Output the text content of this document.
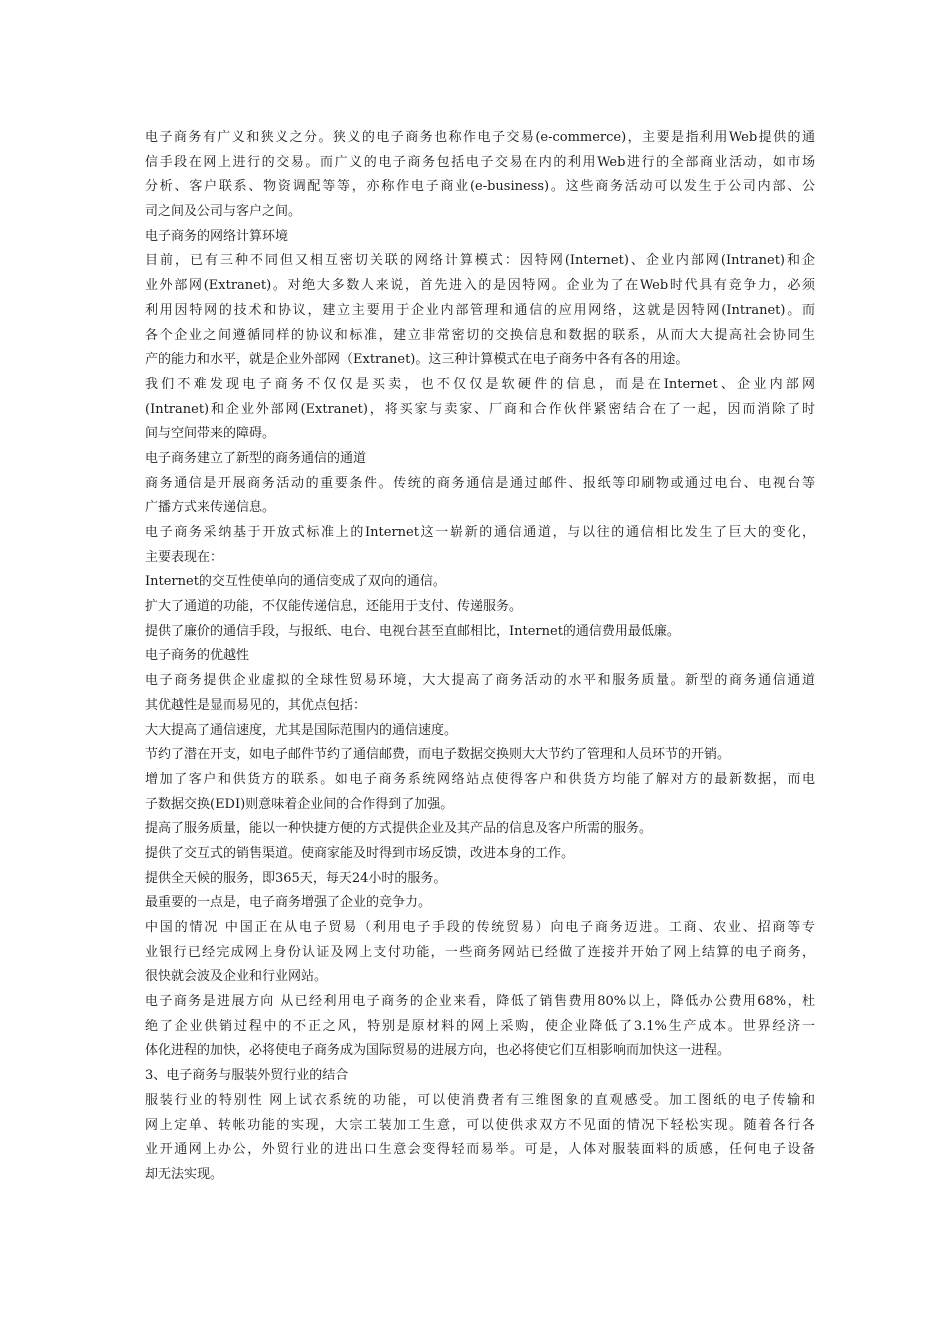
电子商务有广义和狭义之分。狭义的电子商务也称作电子交易(e-commerce)，主要是指利用Web提供的通
信手段在网上进行的交易。而广义的电子商务包括电子交易在内的利用Web进行的全部商业活动，如市场
分析、客户联系、物资调配等等，亦称作电子商业(e-business)。这些商务活动可以发生于公司内部、公
司之间及公司与客户之间。
电子商务的网络计算环境
目前，已有三种不同但又相互密切关联的网络计算模式：因特网(Internet)、企业内部网(Intranet)和企
业外部网(Extranet)。对绝大多数人来说，首先进入的是因特网。企业为了在Web时代具有竞争力，必须
利用因特网的技术和协议，建立主要用于企业内部管理和通信的应用网络，这就是因特网(Intranet)。而
各个企业之间遵循同样的协议和标准，建立非常密切的交换信息和数据的联系，从而大大提高社会协同生
产的能力和水平，就是企业外部网（Extranet)。这三种计算模式在电子商务中各有各的用途。
我们不难发现电子商务不仅仅是买卖，也不仅仅是软硬件的信息，而是在Internet、企业内部网
(Intranet)和企业外部网(Extranet)，将买家与卖家、厂商和合作伙伴紧密结合在了一起，因而消除了时
间与空间带来的障碍。
电子商务建立了新型的商务通信的通道
商务通信是开展商务活动的重要条件。传统的商务通信是通过邮件、报纸等印刷物或通过电台、电视台等
广播方式来传递信息。
电子商务采纳基于开放式标准上的Internet这一崭新的通信通道，与以往的通信相比发生了巨大的变化，
主要表现在：
Internet的交互性使单向的通信变成了双向的通信。
扩大了通道的功能，不仅能传递信息，还能用于支付、传递服务。
提供了廉价的通信手段，与报纸、电台、电视台甚至直邮相比，Internet的通信费用最低廉。
电子商务的优越性
电子商务提供企业虚拟的全球性贸易环境，大大提高了商务活动的水平和服务质量。新型的商务通信通道
其优越性是显而易见的，其优点包括：
大大提高了通信速度，尤其是国际范围内的通信速度。
节约了潜在开支，如电子邮件节约了通信邮费，而电子数据交换则大大节约了管理和人员环节的开销。
增加了客户和供货方的联系。如电子商务系统网络站点使得客户和供货方均能了解对方的最新数据，而电
子数据交换(EDI)则意味着企业间的合作得到了加强。
提高了服务质量，能以一种快捷方便的方式提供企业及其产品的信息及客户所需的服务。
提供了交互式的销售渠道。使商家能及时得到市场反馈，改进本身的工作。
提供全天候的服务，即365天，每天24小时的服务。
最重要的一点是，电子商务增强了企业的竞争力。
中国的情况 中国正在从电子贸易（利用电子手段的传统贸易）向电子商务迈进。工商、农业、招商等专
业银行已经完成网上身份认证及网上支付功能，一些商务网站已经做了连接并开始了网上结算的电子商务，
很快就会波及企业和行业网站。
电子商务是进展方向 从已经利用电子商务的企业来看，降低了销售费用80%以上，降低办公费用68%，杜
绝了企业供销过程中的不正之风，特别是原材料的网上采购，使企业降低了3.1%生产成本。世界经济一
体化进程的加快，必将使电子商务成为国际贸易的进展方向，也必将使它们互相影响而加快这一进程。
3、电子商务与服装外贸行业的结合
服装行业的特别性 网上试衣系统的功能，可以使消费者有三维图象的直观感受。加工图纸的电子传输和
网上定单、转帐功能的实现，大宗工装加工生意，可以使供求双方不见面的情况下轻松实现。随着各行各
业开通网上办公，外贸行业的进出口生意会变得轻而易举。可是，人体对服装面料的质感，任何电子设备
却无法实现。
